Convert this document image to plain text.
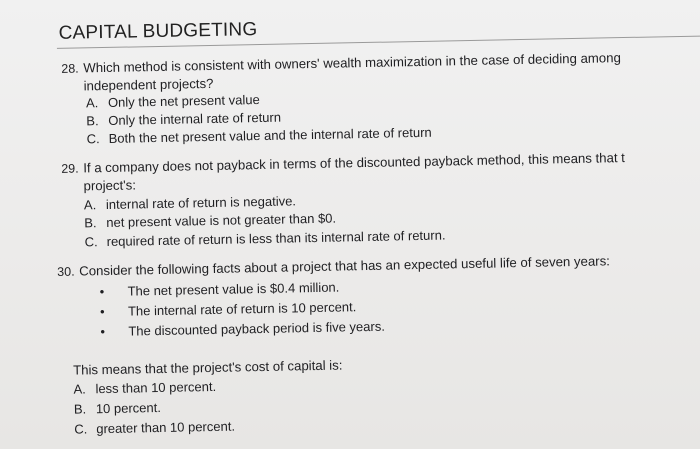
CAPITAL BUDGETING
28. Which method is consistent with owners' wealth maximization in the case of deciding among
independent projects?
A. Only the net present value
B. Only the internal rate of return
C. Both the net present value and the internal rate of return
29. If a company does not payback in terms of the discounted payback method, this means that t
project's:
A. internal rate of return is negative.
B. net present value is not greater than $0.
C. required rate of return is less than its internal rate of return.
30. Consider the following facts about a project that has an expected useful life of seven years:
• The net present value is $0.4 million.
• The internal rate of return is 10 percent.
• The discounted payback period is five years.
This means that the project's cost of capital is:
A. less than 10 percent.
B. 10 percent.
C. greater than 10 percent.
